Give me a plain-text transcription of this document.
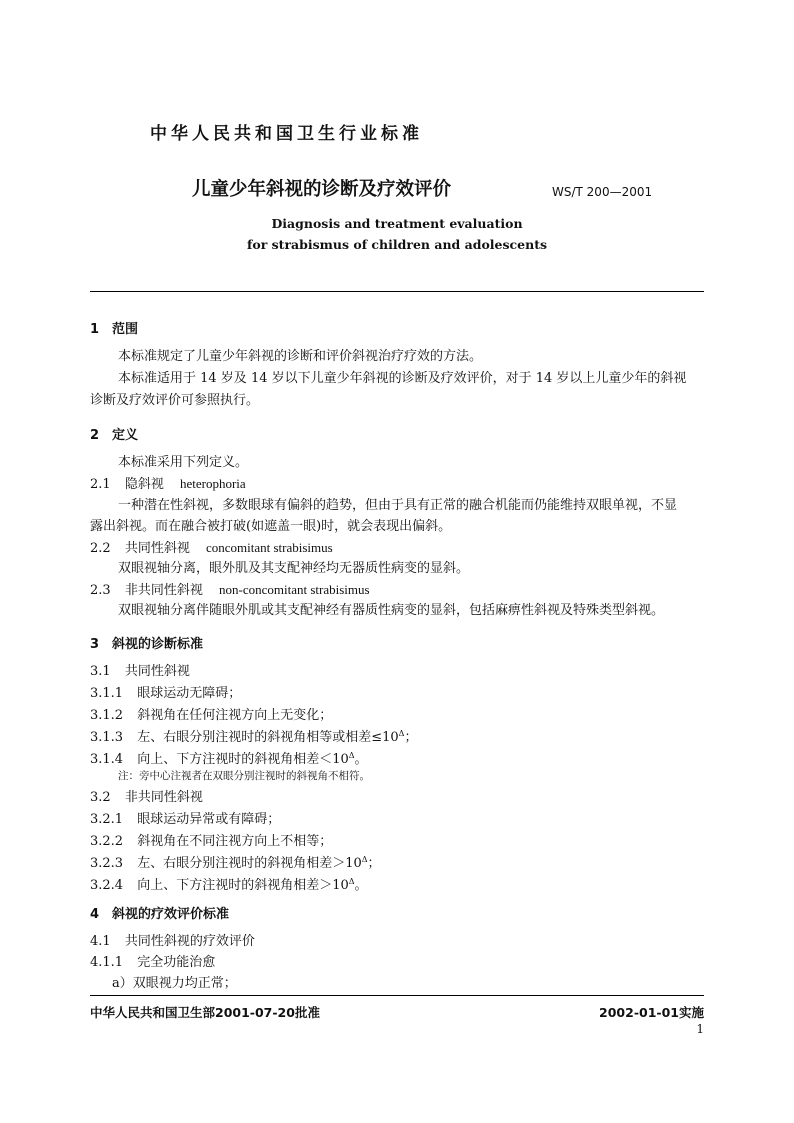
中华人民共和国卫生行业标准
儿童少年斜视的诊断及疗效评价	WS/T 200—2001
Diagnosis and treatment evaluation
for strabismus of children and adolescents
1　范围
本标准规定了儿童少年斜视的诊断和评价斜视治疗疗效的方法。
本标准适用于 14 岁及 14 岁以下儿童少年斜视的诊断及疗效评价，对于 14 岁以上儿童少年的斜视
诊断及疗效评价可参照执行。
2　定义
本标准采用下列定义。
2.1 隐斜视 heterophoria
一种潜在性斜视，多数眼球有偏斜的趋势，但由于具有正常的融合机能而仍能维持双眼单视，不显
露出斜视。而在融合被打破(如遮盖一眼)时，就会表现出偏斜。
2.2 共同性斜视 concomitant strabisimus
双眼视轴分离，眼外肌及其支配神经均无器质性病变的显斜。
2.3 非共同性斜视 non-concomitant strabisimus
双眼视轴分离伴随眼外肌或其支配神经有器质性病变的显斜，包括麻痹性斜视及特殊类型斜视。
3　斜视的诊断标准
3.1 共同性斜视
3.1.1 眼球运动无障碍；
3.1.2 斜视角在任何注视方向上无变化；
3.1.3 左、右眼分别注视时的斜视角相等或相差$\le 10^\Delta$；
3.1.4 向上、下方注视时的斜视角相差$<10^\Delta$。
注：旁中心注视者在双眼分别注视时的斜视角不相符。
3.2 非共同性斜视
3.2.1 眼球运动异常或有障碍；
3.2.2 斜视角在不同注视方向上不相等；
3.2.3 左、右眼分别注视时的斜视角相差$>10^\Delta$；
3.2.4 向上、下方注视时的斜视角相差$>10^\Delta$。
4　斜视的疗效评价标准
4.1 共同性斜视的疗效评价
4.1.1 完全功能治愈
a）双眼视力均正常；
中华人民共和国卫生部2001-07-20批准	2002-01-01实施
1
